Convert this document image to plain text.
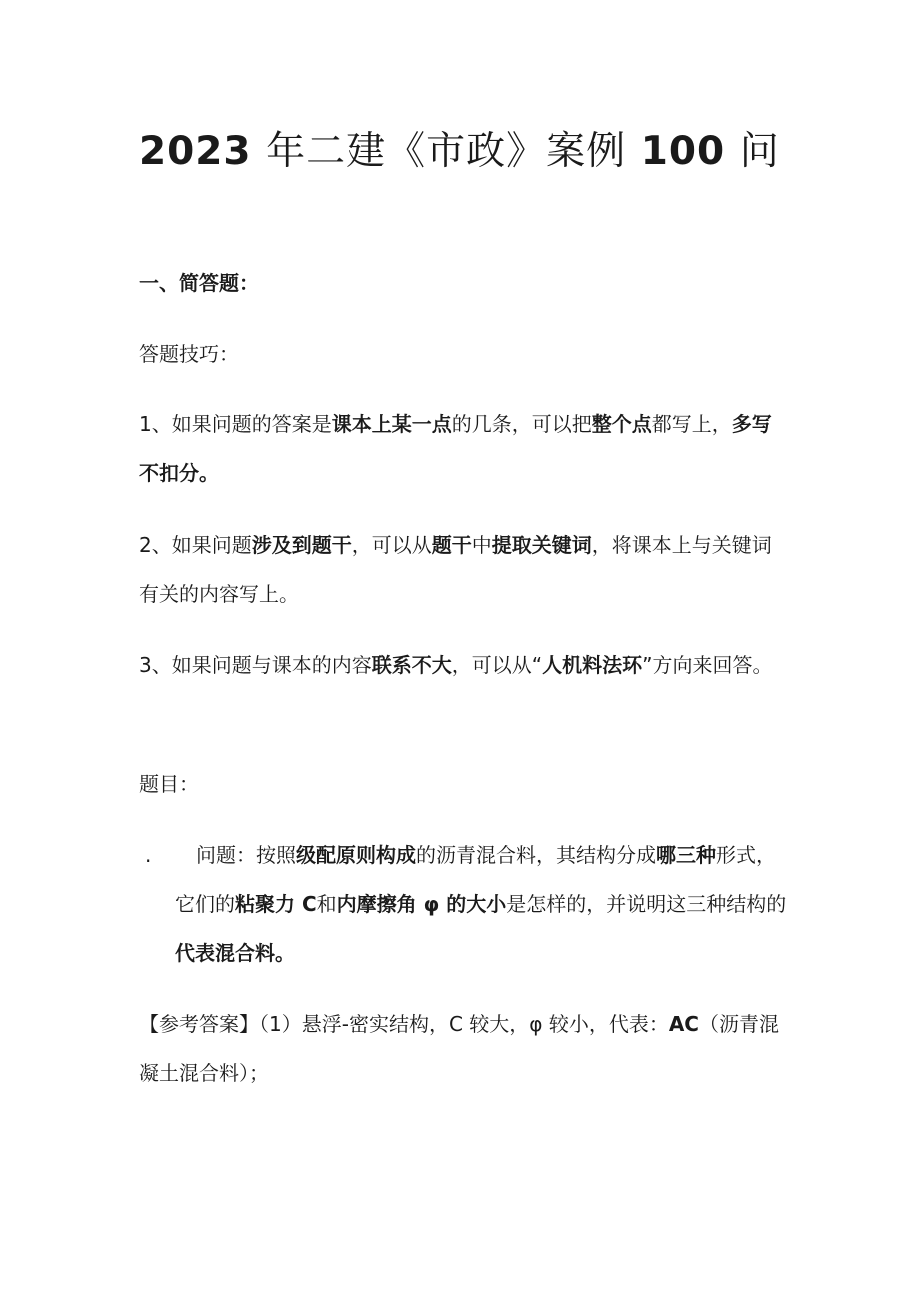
2023 年二建《市政》案例 100 问
一、简答题：
答题技巧：
1、如果问题的答案是课本上某一点的几条，可以把整个点都写上，多写不扣分。
2、如果问题涉及到题干，可以从题干中提取关键词，将课本上与关键词有关的内容写上。
3、如果问题与课本的内容联系不大，可以从“人机料法环”方向来回答。
题目：
.	问题：按照级配原则构成的沥青混合料，其结构分成哪三种形式，它们的粘聚力 C和内摩擦角 φ 的大小是怎样的，并说明这三种结构的代表混合料。
【参考答案】（1）悬浮-密实结构，C 较大，φ 较小，代表：AC（沥青混凝土混合料）；
